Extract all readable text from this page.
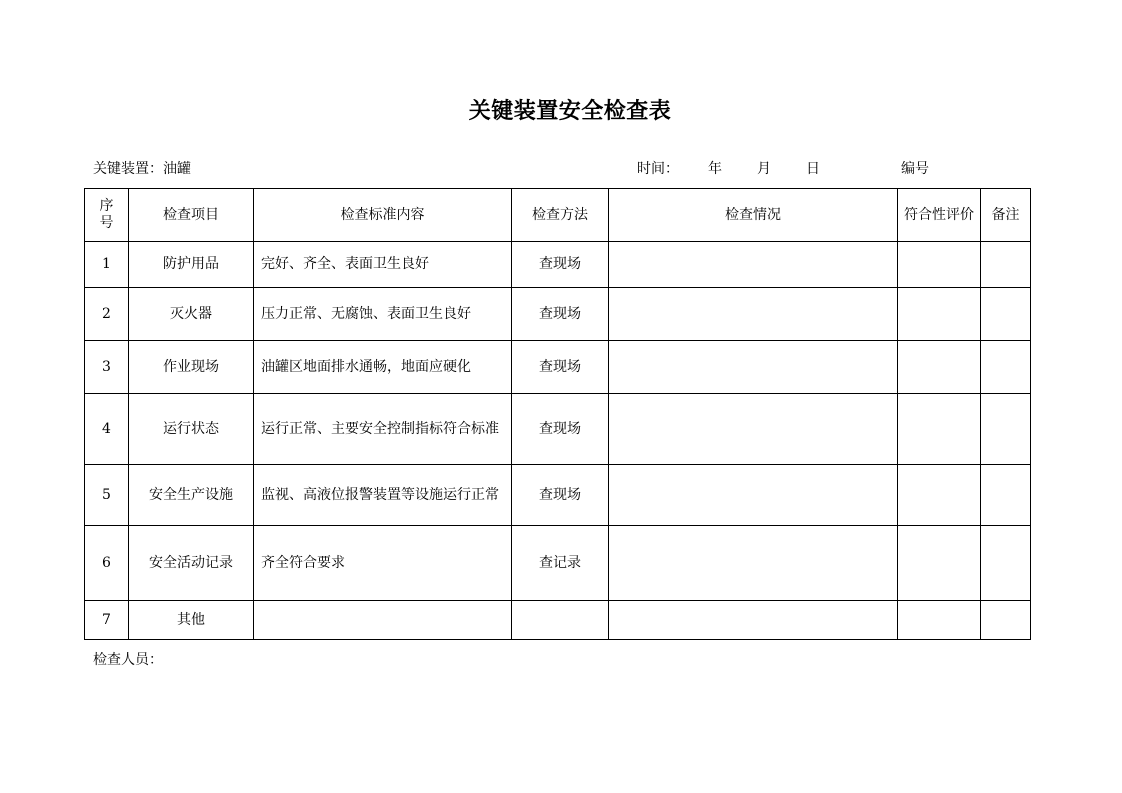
关键装置安全检查表
关键装置：油罐	时间： 年	月	日	编号
序号	检查项目	检查标准内容	检查方法	检查情况	符合性评价	备注
1	防护用品	完好、齐全、表面卫生良好	查现场			
2	灭火器	压力正常、无腐蚀、表面卫生良好	查现场			
3	作业现场	油罐区地面排水通畅，地面应硬化	查现场			
4	运行状态	运行正常、主要安全控制指标符合标准	查现场			
5	安全生产设施	监视、高液位报警装置等设施运行正常	查现场			
6	安全活动记录	齐全符合要求	查记录			
7	其他					
检查人员：
